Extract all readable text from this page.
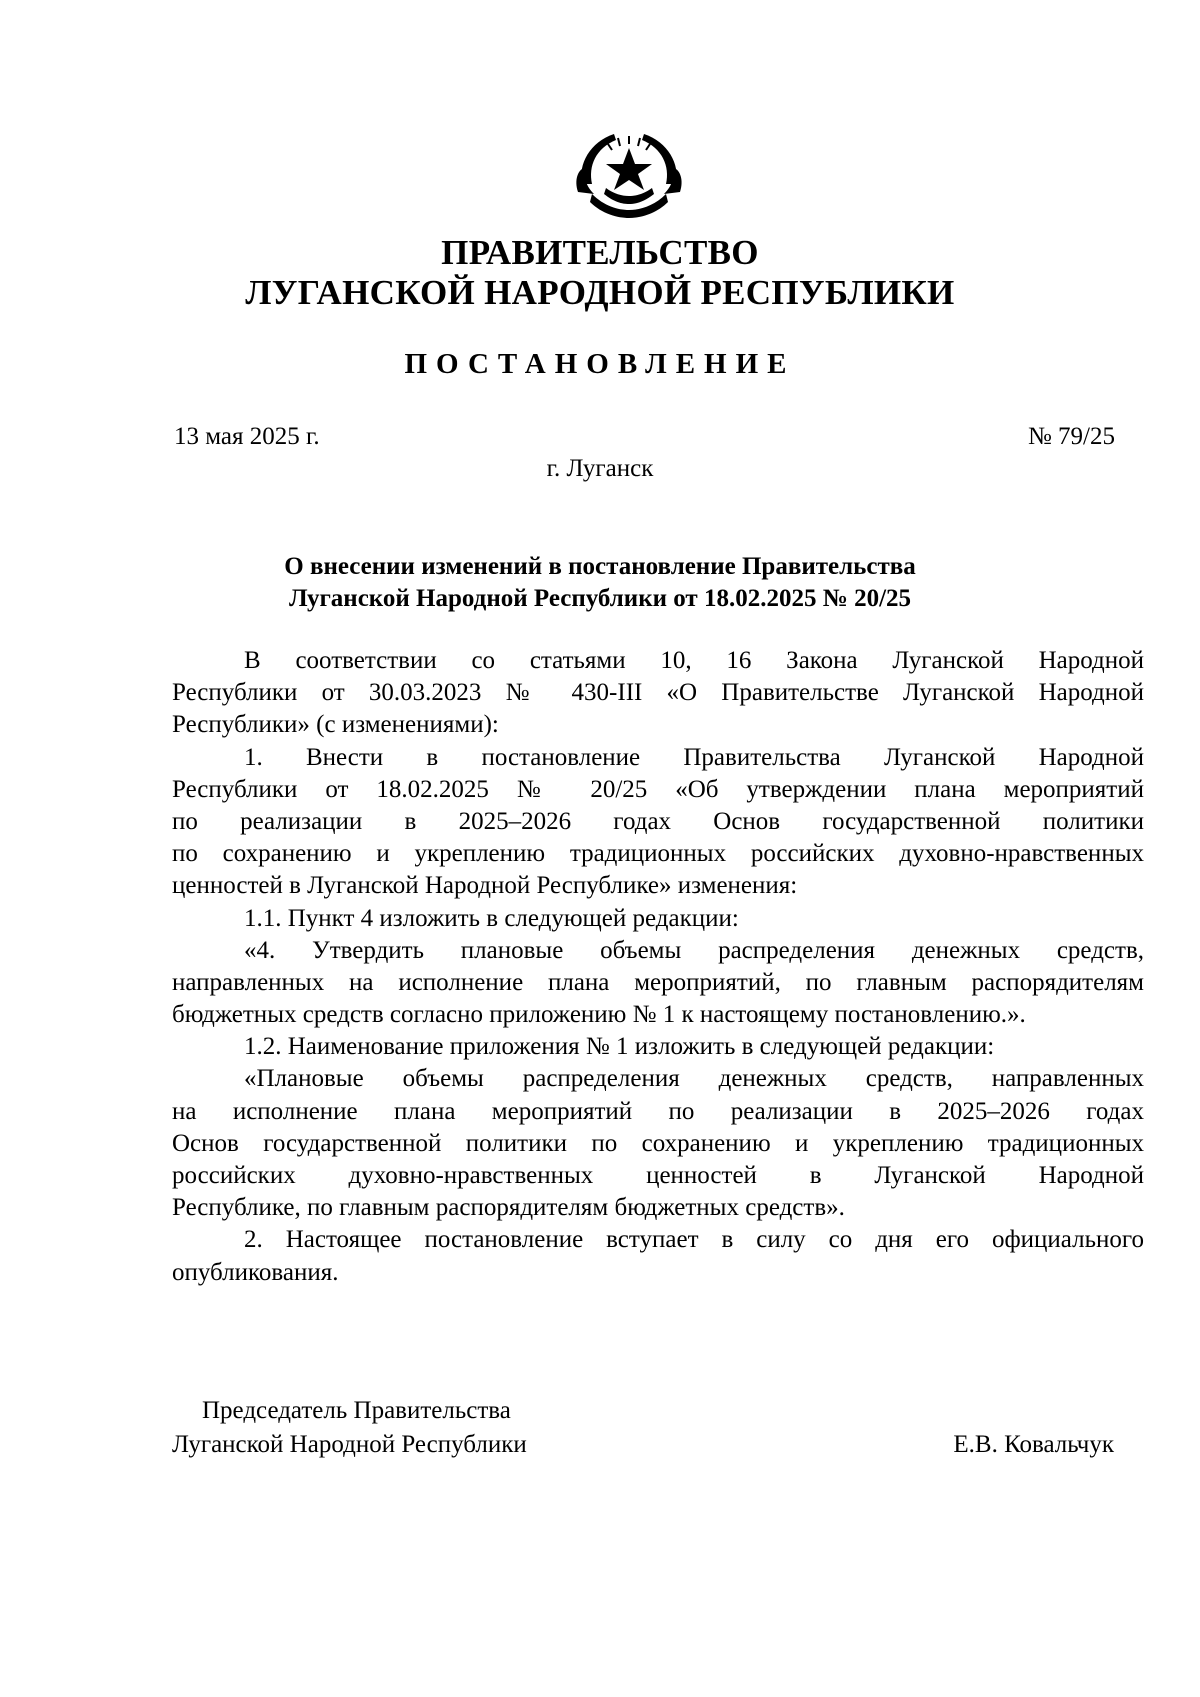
ПРАВИТЕЛЬСТВО
ЛУГАНСКОЙ НАРОДНОЙ РЕСПУБЛИКИ
ПОСТАНОВЛЕНИЕ
13 мая 2025 г.	№ 79/25
г. Луганск
О внесении изменений в постановление Правительства
Луганской Народной Республики от 18.02.2025 № 20/25
В соответствии со статьями 10, 16 Закона Луганской Народной
Республики от 30.03.2023 № 430-III «О Правительстве Луганской Народной
Республики» (с изменениями):
1. Внести в постановление Правительства Луганской Народной
Республики от 18.02.2025 № 20/25 «Об утверждении плана мероприятий
по реализации в 2025–2026 годах Основ государственной политики
по сохранению и укреплению традиционных российских духовно-нравственных
ценностей в Луганской Народной Республике» изменения:
1.1. Пункт 4 изложить в следующей редакции:
«4. Утвердить плановые объемы распределения денежных средств,
направленных на исполнение плана мероприятий, по главным распорядителям
бюджетных средств согласно приложению № 1 к настоящему постановлению.».
1.2. Наименование приложения № 1 изложить в следующей редакции:
«Плановые объемы распределения денежных средств, направленных
на исполнение плана мероприятий по реализации в 2025–2026 годах
Основ государственной политики по сохранению и укреплению традиционных
российских духовно-нравственных ценностей в Луганской Народной
Республике, по главным распорядителям бюджетных средств».
2. Настоящее постановление вступает в силу со дня его официального
опубликования.
Председатель Правительства
Луганской Народной Республики	Е.В. Ковальчук
